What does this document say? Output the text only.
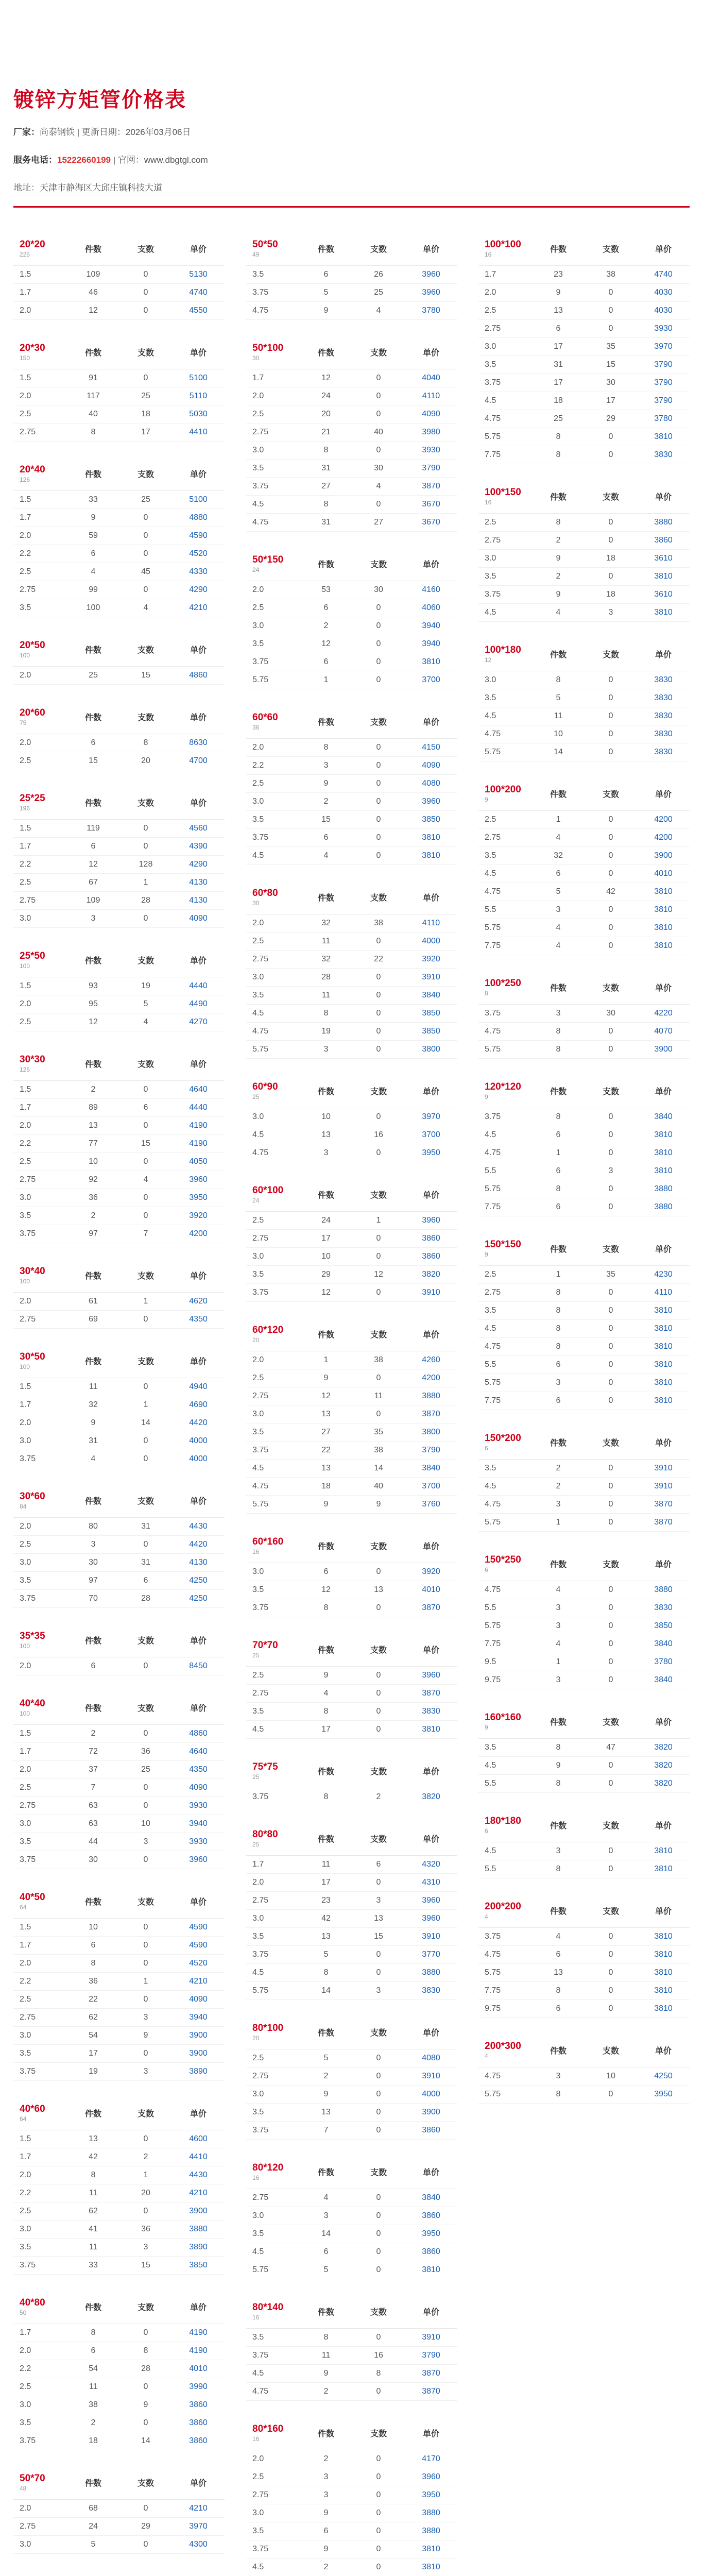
镀锌方矩管价格表
厂家：尚泰钢铁 | 更新日期：2026年03月06日
服务电话：15222660199 | 官网：www.dbgtgl.com
地址：天津市静海区大邱庄镇科技大道
20*20
225
件数	支数	单价
1.5	109	0	5130
1.7	46	0	4740
2.0	12	0	4550
20*30
150
件数	支数	单价
1.5	91	0	5100
2.0	117	25	5110
2.5	40	18	5030
2.75	8	17	4410
20*40
126
件数	支数	单价
1.5	33	25	5100
1.7	9	0	4880
2.0	59	0	4590
2.2	6	0	4520
2.5	4	45	4330
2.75	99	0	4290
3.5	100	4	4210
20*50
100
件数	支数	单价
2.0	25	15	4860
20*60
75
件数	支数	单价
2.0	6	8	8630
2.5	15	20	4700
25*25
196
件数	支数	单价
1.5	119	0	4560
1.7	6	0	4390
2.2	12	128	4290
2.5	67	1	4130
2.75	109	28	4130
3.0	3	0	4090
25*50
100
件数	支数	单价
1.5	93	19	4440
2.0	95	5	4490
2.5	12	4	4270
30*30
125
件数	支数	单价
1.5	2	0	4640
1.7	89	6	4440
2.0	13	0	4190
2.2	77	15	4190
2.5	10	0	4050
2.75	92	4	3960
3.0	36	0	3950
3.5	2	0	3920
3.75	97	7	4200
30*40
100
件数	支数	单价
2.0	61	1	4620
2.75	69	0	4350
30*50
100
件数	支数	单价
1.5	11	0	4940
1.7	32	1	4690
2.0	9	14	4420
3.0	31	0	4000
3.75	4	0	4000
30*60
84
件数	支数	单价
2.0	80	31	4430
2.5	3	0	4420
3.0	30	31	4130
3.5	97	6	4250
3.75	70	28	4250
35*35
100
件数	支数	单价
2.0	6	0	8450
40*40
100
件数	支数	单价
1.5	2	0	4860
1.7	72	36	4640
2.0	37	25	4350
2.5	7	0	4090
2.75	63	0	3930
3.0	63	10	3940
3.5	44	3	3930
3.75	30	0	3960
40*50
64
件数	支数	单价
1.5	10	0	4590
1.7	6	0	4590
2.0	8	0	4520
2.2	36	1	4210
2.5	22	0	4090
2.75	62	3	3940
3.0	54	9	3900
3.5	17	0	3900
3.75	19	3	3890
40*60
64
件数	支数	单价
1.5	13	0	4600
1.7	42	2	4410
2.0	8	1	4430
2.2	11	20	4210
2.5	62	0	3900
3.0	41	36	3880
3.5	11	3	3890
3.75	33	15	3850
40*80
50
件数	支数	单价
1.7	8	0	4190
2.0	6	8	4190
2.2	54	28	4010
2.5	11	0	3990
3.0	38	9	3860
3.5	2	0	3860
3.75	18	14	3860
50*70
48
件数	支数	单价
2.0	68	0	4210
2.75	24	29	3970
3.0	5	0	4300
50*50
49
件数	支数	单价
3.5	6	26	3960
3.75	5	25	3960
4.75	9	4	3780
50*100
30
件数	支数	单价
1.7	12	0	4040
2.0	24	0	4110
2.5	20	0	4090
2.75	21	40	3980
3.0	8	0	3930
3.5	31	30	3790
3.75	27	4	3870
4.5	8	0	3670
4.75	31	27	3670
50*150
24
件数	支数	单价
2.0	53	30	4160
2.5	6	0	4060
3.0	2	0	3940
3.5	12	0	3940
3.75	6	0	3810
5.75	1	0	3700
60*60
36
件数	支数	单价
2.0	8	0	4150
2.2	3	0	4090
2.5	9	0	4080
3.0	2	0	3960
3.5	15	0	3850
3.75	6	0	3810
4.5	4	0	3810
60*80
30
件数	支数	单价
2.0	32	38	4110
2.5	11	0	4000
2.75	32	22	3920
3.0	28	0	3910
3.5	11	0	3840
4.5	8	0	3850
4.75	19	0	3850
5.75	3	0	3800
60*90
25
件数	支数	单价
3.0	10	0	3970
4.5	13	16	3700
4.75	3	0	3950
60*100
24
件数	支数	单价
2.5	24	1	3960
2.75	17	0	3860
3.0	10	0	3860
3.5	29	12	3820
3.75	12	0	3910
60*120
20
件数	支数	单价
2.0	1	38	4260
2.5	9	0	4200
2.75	12	11	3880
3.0	13	0	3870
3.5	27	35	3800
3.75	22	38	3790
4.5	13	14	3840
4.75	18	40	3700
5.75	9	9	3760
60*160
16
件数	支数	单价
3.0	6	0	3920
3.5	12	13	4010
3.75	8	0	3870
70*70
25
件数	支数	单价
2.5	9	0	3960
2.75	4	0	3870
3.5	8	0	3830
4.5	17	0	3810
75*75
25
件数	支数	单价
3.75	8	2	3820
80*80
25
件数	支数	单价
1.7	11	6	4320
2.0	17	0	4310
2.75	23	3	3960
3.0	42	13	3960
3.5	13	15	3910
3.75	5	0	3770
4.5	8	0	3880
5.75	14	3	3830
80*100
20
件数	支数	单价
2.5	5	0	4080
2.75	2	0	3910
3.0	9	0	4000
3.5	13	0	3900
3.75	7	0	3860
80*120
16
件数	支数	单价
2.75	4	0	3840
3.0	3	0	3860
3.5	14	0	3950
4.5	6	0	3860
5.75	5	0	3810
80*140
16
件数	支数	单价
3.5	8	0	3910
3.75	11	16	3790
4.5	9	8	3870
4.75	2	0	3870
80*160
16
件数	支数	单价
2.0	2	0	4170
2.5	3	0	3960
2.75	3	0	3950
3.0	9	0	3880
3.5	6	0	3880
3.75	9	0	3810
4.5	2	0	3810
100*100
16
件数	支数	单价
1.7	23	38	4740
2.0	9	0	4030
2.5	13	0	4030
2.75	6	0	3930
3.0	17	35	3970
3.5	31	15	3790
3.75	17	30	3790
4.5	18	17	3790
4.75	25	29	3780
5.75	8	0	3810
7.75	8	0	3830
100*150
16
件数	支数	单价
2.5	8	0	3880
2.75	2	0	3860
3.0	9	18	3610
3.5	2	0	3810
3.75	9	18	3610
4.5	4	3	3810
100*180
12
件数	支数	单价
3.0	8	0	3830
3.5	5	0	3830
4.5	11	0	3830
4.75	10	0	3830
5.75	14	0	3830
100*200
9
件数	支数	单价
2.5	1	0	4200
2.75	4	0	4200
3.5	32	0	3900
4.5	6	0	4010
4.75	5	42	3810
5.5	3	0	3810
5.75	4	0	3810
7.75	4	0	3810
100*250
8
件数	支数	单价
3.75	3	30	4220
4.75	8	0	4070
5.75	8	0	3900
120*120
9
件数	支数	单价
3.75	8	0	3840
4.5	6	0	3810
4.75	1	0	3810
5.5	6	3	3810
5.75	8	0	3880
7.75	6	0	3880
150*150
9
件数	支数	单价
2.5	1	35	4230
2.75	8	0	4110
3.5	8	0	3810
4.5	8	0	3810
4.75	8	0	3810
5.5	6	0	3810
5.75	3	0	3810
7.75	6	0	3810
150*200
6
件数	支数	单价
3.5	2	0	3910
4.5	2	0	3910
4.75	3	0	3870
5.75	1	0	3870
150*250
6
件数	支数	单价
4.75	4	0	3880
5.5	3	0	3830
5.75	3	0	3850
7.75	4	0	3840
9.5	1	0	3780
9.75	3	0	3840
160*160
9
件数	支数	单价
3.5	8	47	3820
4.5	9	0	3820
5.5	8	0	3820
180*180
6
件数	支数	单价
4.5	3	0	3810
5.5	8	0	3810
200*200
4
件数	支数	单价
3.75	4	0	3810
4.75	6	0	3810
5.75	13	0	3810
7.75	8	0	3810
9.75	6	0	3810
200*300
4
件数	支数	单价
4.75	3	10	4250
5.75	8	0	3950
